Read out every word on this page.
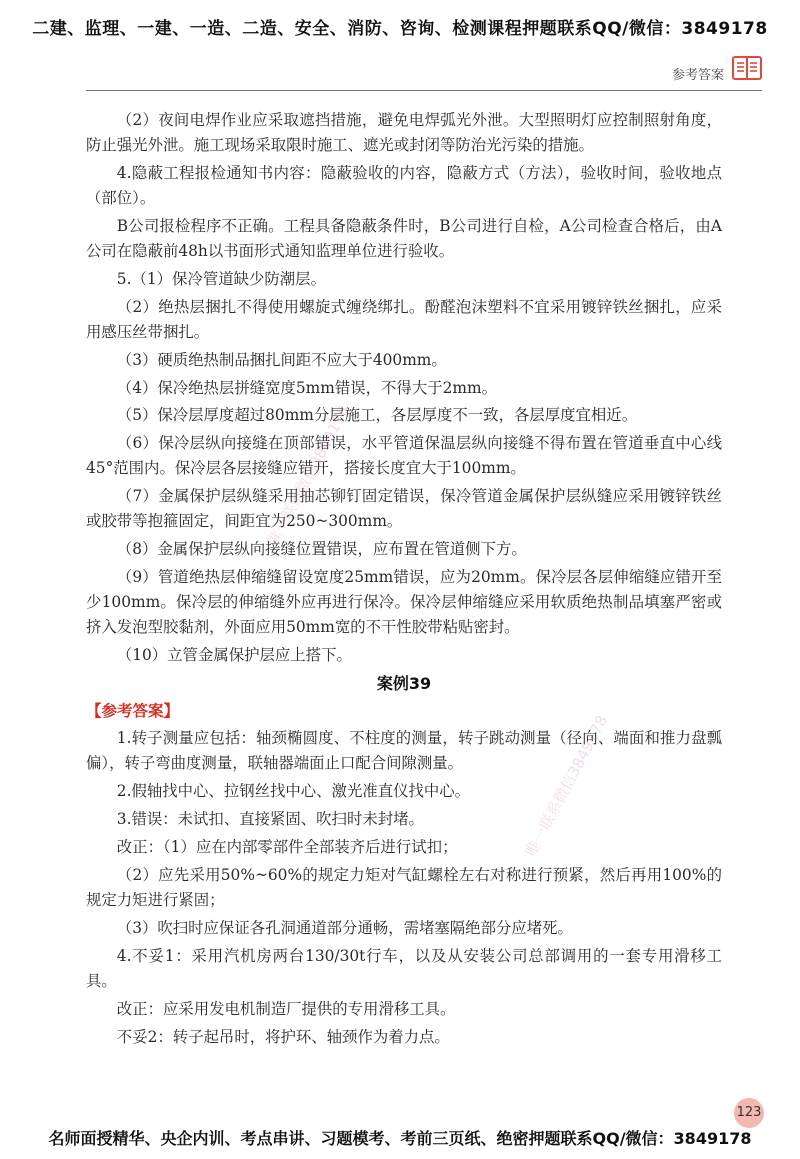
二建、监理、一建、一造、二造、安全、消防、咨询、检测课程押题联系QQ/微信：3849178
参考答案

（2）夜间电焊作业应采取遮挡措施，避免电焊弧光外泄。大型照明灯应控制照射角度，防止强光外泄。施工现场采取限时施工、遮光或封闭等防治光污染的措施。

4.隐蔽工程报检通知书内容：隐蔽验收的内容，隐蔽方式（方法），验收时间，验收地点（部位）。

B公司报检程序不正确。工程具备隐蔽条件时，B公司进行自检，A公司检查合格后，由A公司在隐蔽前48h以书面形式通知监理单位进行验收。

5.（1）保冷管道缺少防潮层。

（2）绝热层捆扎不得使用螺旋式缠绕绑扎。酚醛泡沫塑料不宜采用镀锌铁丝捆扎，应采用感压丝带捆扎。

（3）硬质绝热制品捆扎间距不应大于400mm。

（4）保冷绝热层拼缝宽度5mm错误，不得大于2mm。

（5）保冷层厚度超过80mm分层施工，各层厚度不一致，各层厚度宜相近。

（6）保冷层纵向接缝在顶部错误，水平管道保温层纵向接缝不得布置在管道垂直中心线45°范围内。保冷层各层接缝应错开，搭接长度宜大于100mm。

（7）金属保护层纵缝采用抽芯铆钉固定错误，保冷管道金属保护层纵缝应采用镀锌铁丝或胶带等抱箍固定，间距宜为250~300mm。

（8）金属保护层纵向接缝位置错误，应布置在管道侧下方。

（9）管道绝热层伸缩缝留设宽度25mm错误，应为20mm。保冷层各层伸缩缝应错开至少100mm。保冷层的伸缩缝外应再进行保冷。保冷层伸缩缝应采用软质绝热制品填塞严密或挤入发泡型胶黏剂，外面应用50mm宽的不干性胶带粘贴密封。

（10）立管金属保护层应上搭下。

案例39
【参考答案】

1.转子测量应包括：轴颈椭圆度、不柱度的测量，转子跳动测量（径向、端面和推力盘瓢偏），转子弯曲度测量，联轴器端面止口配合间隙测量。

2.假轴找中心、拉钢丝找中心、激光准直仪找中心。

3.错误：未试扣、直接紧固、吹扫时未封堵。

改正：（1）应在内部零部件全部装齐后进行试扣；

（2）应先采用50%~60%的规定力矩对气缸螺栓左右对称进行预紧，然后再用100%的规定力矩进行紧固；

（3）吹扫时应保证各孔洞通道部分通畅，需堵塞隔绝部分应堵死。

4.不妥1：采用汽机房两台130/30t行车，以及从安装公司总部调用的一套专用滑移工具。

改正：应采用发电机制造厂提供的专用滑移工具。

不妥2：转子起吊时，将护环、轴颈作为着力点。

唯一联系微信3849178
唯一联系微信3849178
123
名师面授精华、央企内训、考点串讲、习题模考、考前三页纸、绝密押题联系QQ/微信：3849178
